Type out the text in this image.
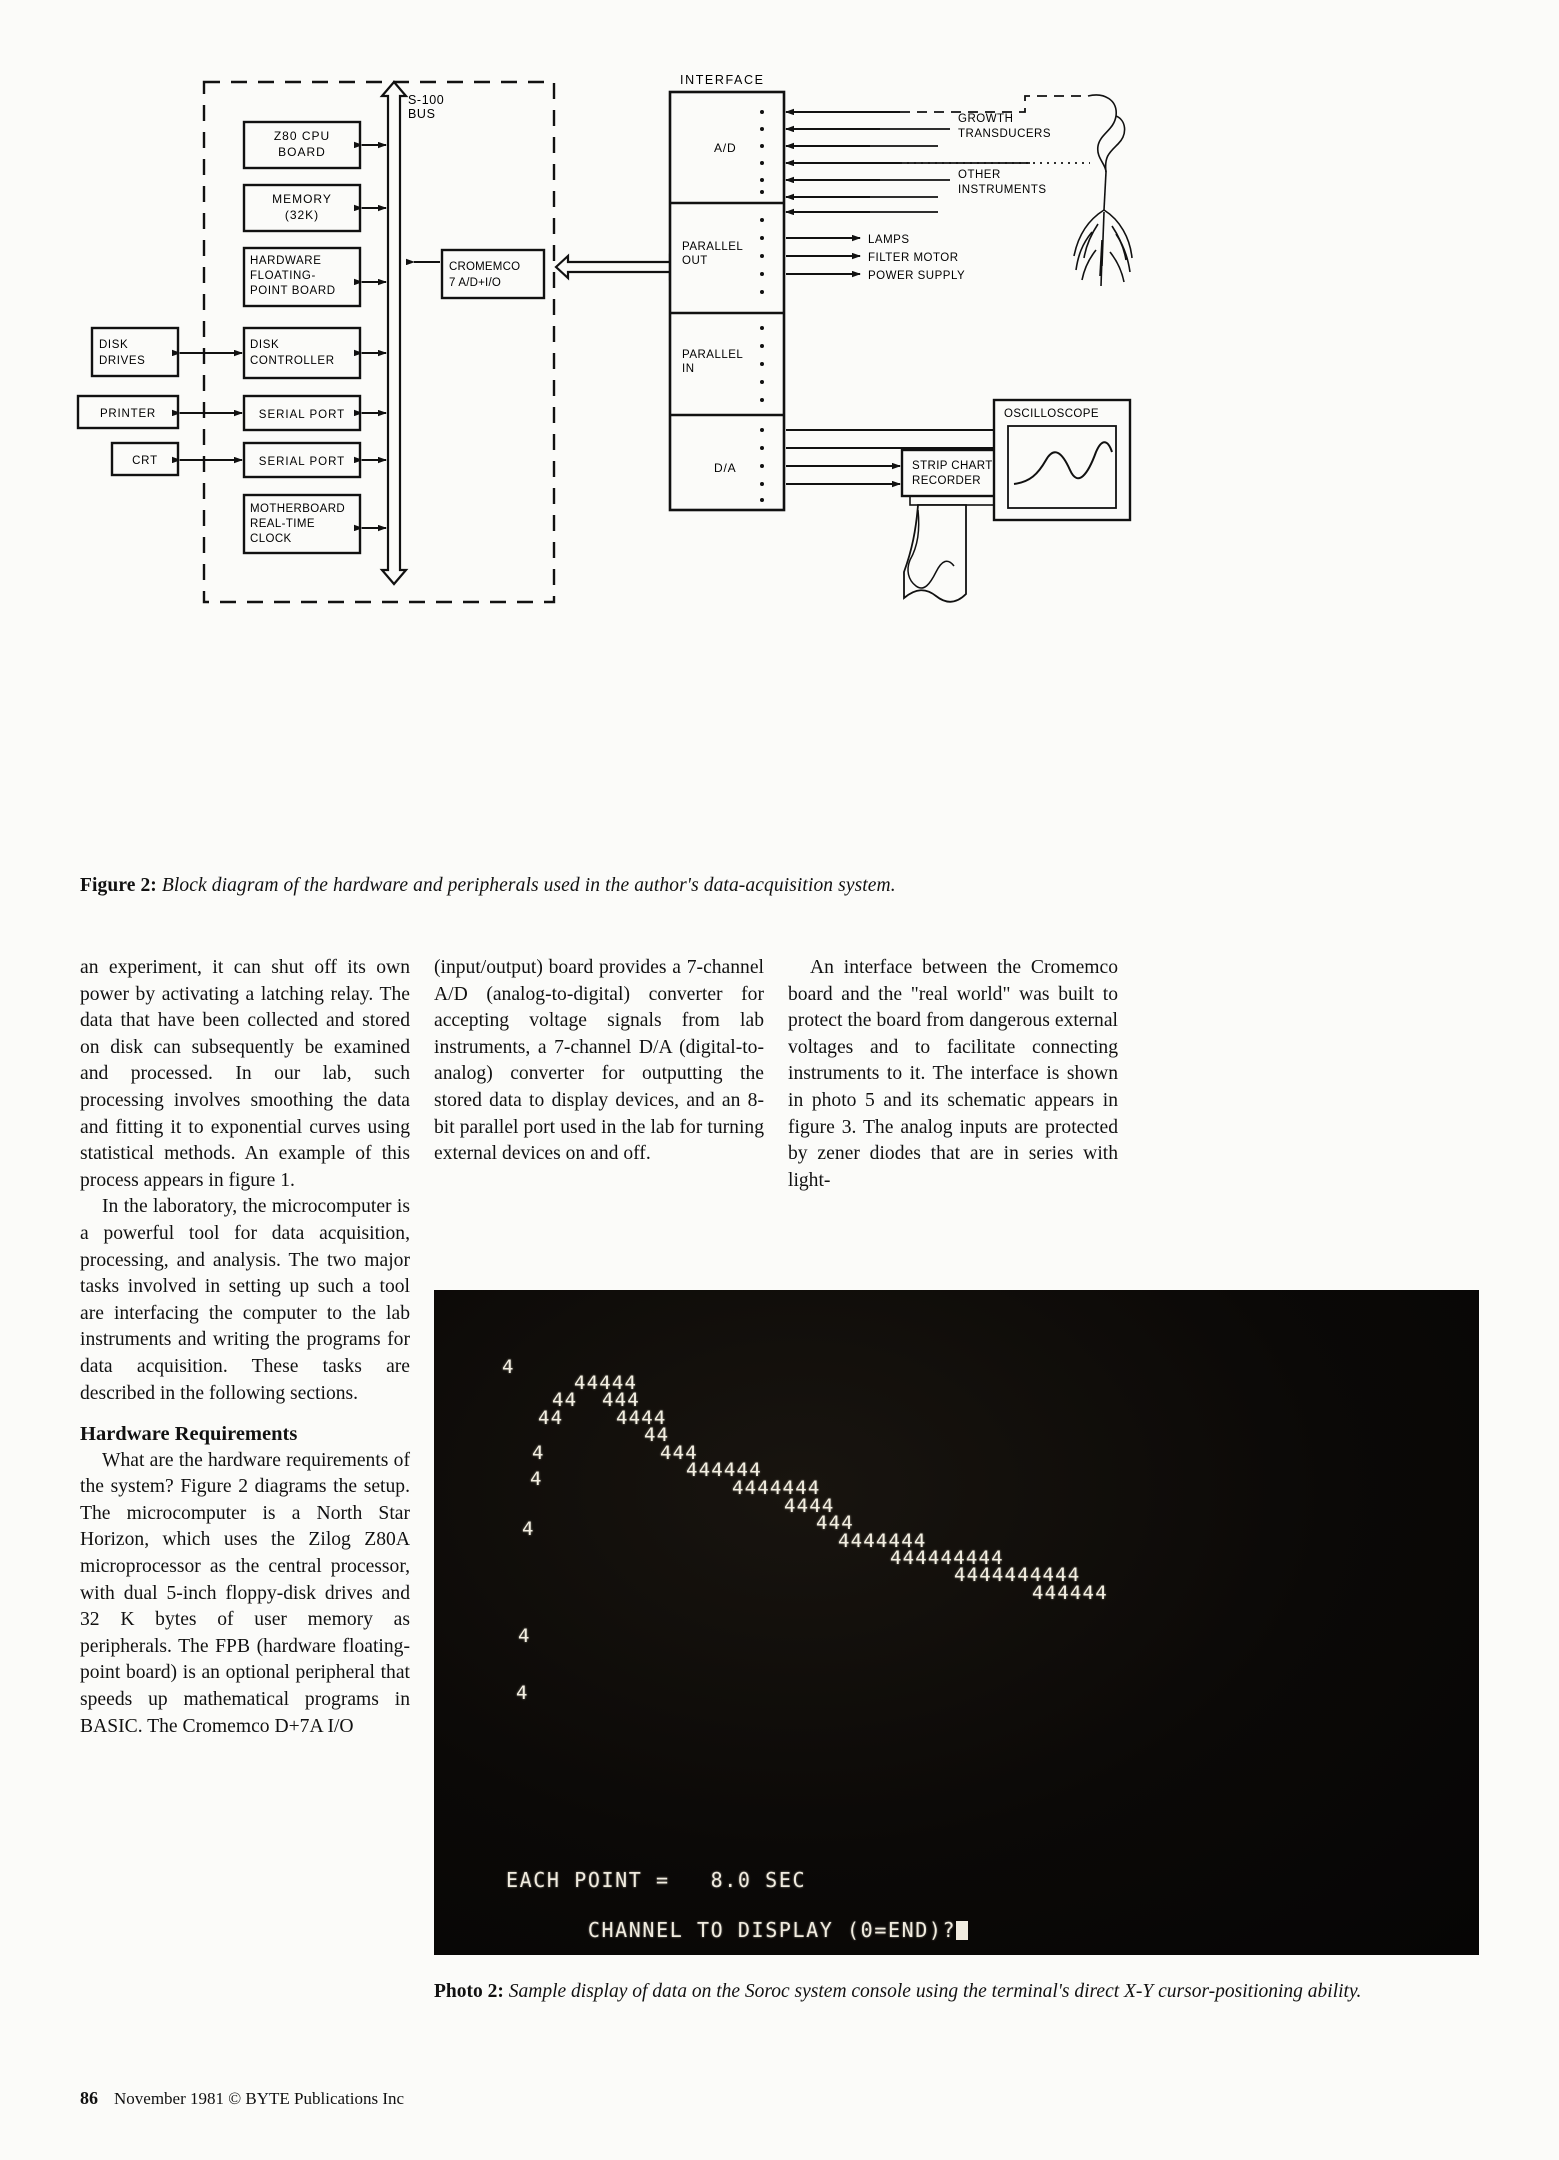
S-100
BUS
Z80 CPU
BOARD
MEMORY
(32K)
HARDWARE
FLOATING-
POINT BOARD
DISK
CONTROLLER
SERIAL PORT
SERIAL PORT
MOTHERBOARD
REAL-TIME
CLOCK
DISK
DRIVES
PRINTER
CRT
CROMEMCO
7 A/D+I/O
INTERFACE
A/D
PARALLEL
OUT
PARALLEL
IN
D/A
GROWTH
TRANSDUCERS
OTHER
INSTRUMENTS
LAMPS
FILTER MOTOR
POWER SUPPLY
STRIP CHART
RECORDER
OSCILLOSCOPE
Figure 2: Block diagram of the hardware and peripherals used in the author's data-acquisition system.

an experiment, it can shut off its own power by activating a latching relay. The data that have been collected and stored on disk can subsequently be examined and processed. In our lab, such processing involves smoothing the data and fitting it to exponential curves using statistical methods. An example of this process appears in figure 1.

In the laboratory, the microcomputer is a powerful tool for data acquisition, processing, and analysis. The two major tasks involved in setting up such a tool are interfacing the computer to the lab instruments and writing the programs for data acquisition. These tasks are described in the following sections.

Hardware Requirements

What are the hardware requirements of the system? Figure 2 diagrams the setup. The microcomputer is a North Star Horizon, which uses the Zilog Z80A microprocessor as the central processor, with dual 5-inch floppy-disk drives and 32 K bytes of user memory as peripherals. The FPB (hardware floating-point board) is an optional peripheral that speeds up mathematical programs in BASIC. The Cromemco D+7A I/O

(input/output) board provides a 7-channel A/D (analog-to-digital) converter for accepting voltage signals from lab instruments, a 7-channel D/A (digital-to-analog) converter for outputting the stored data to display devices, and an 8-bit parallel port used in the lab for turning external devices on and off.

An interface between the Cromemco board and the "real world" was built to protect the board from dangerous external voltages and to facilitate connecting instruments to it. The interface is shown in photo 5 and its schematic appears in figure 3. The analog inputs are protected by zener diodes that are in series with light-

4
44444
44 444
44	4444
44
4	444
444444
4	4444444
4444
444
4
4444444
444444444
4444444444
444444
4
4
EACH POINT =   8.0 SEC

CHANNEL TO DISPLAY (0=END)?

Photo 2: Sample display of data on the Soroc system console using the terminal's direct X-Y cursor-positioning ability.
86 November 1981 © BYTE Publications Inc
